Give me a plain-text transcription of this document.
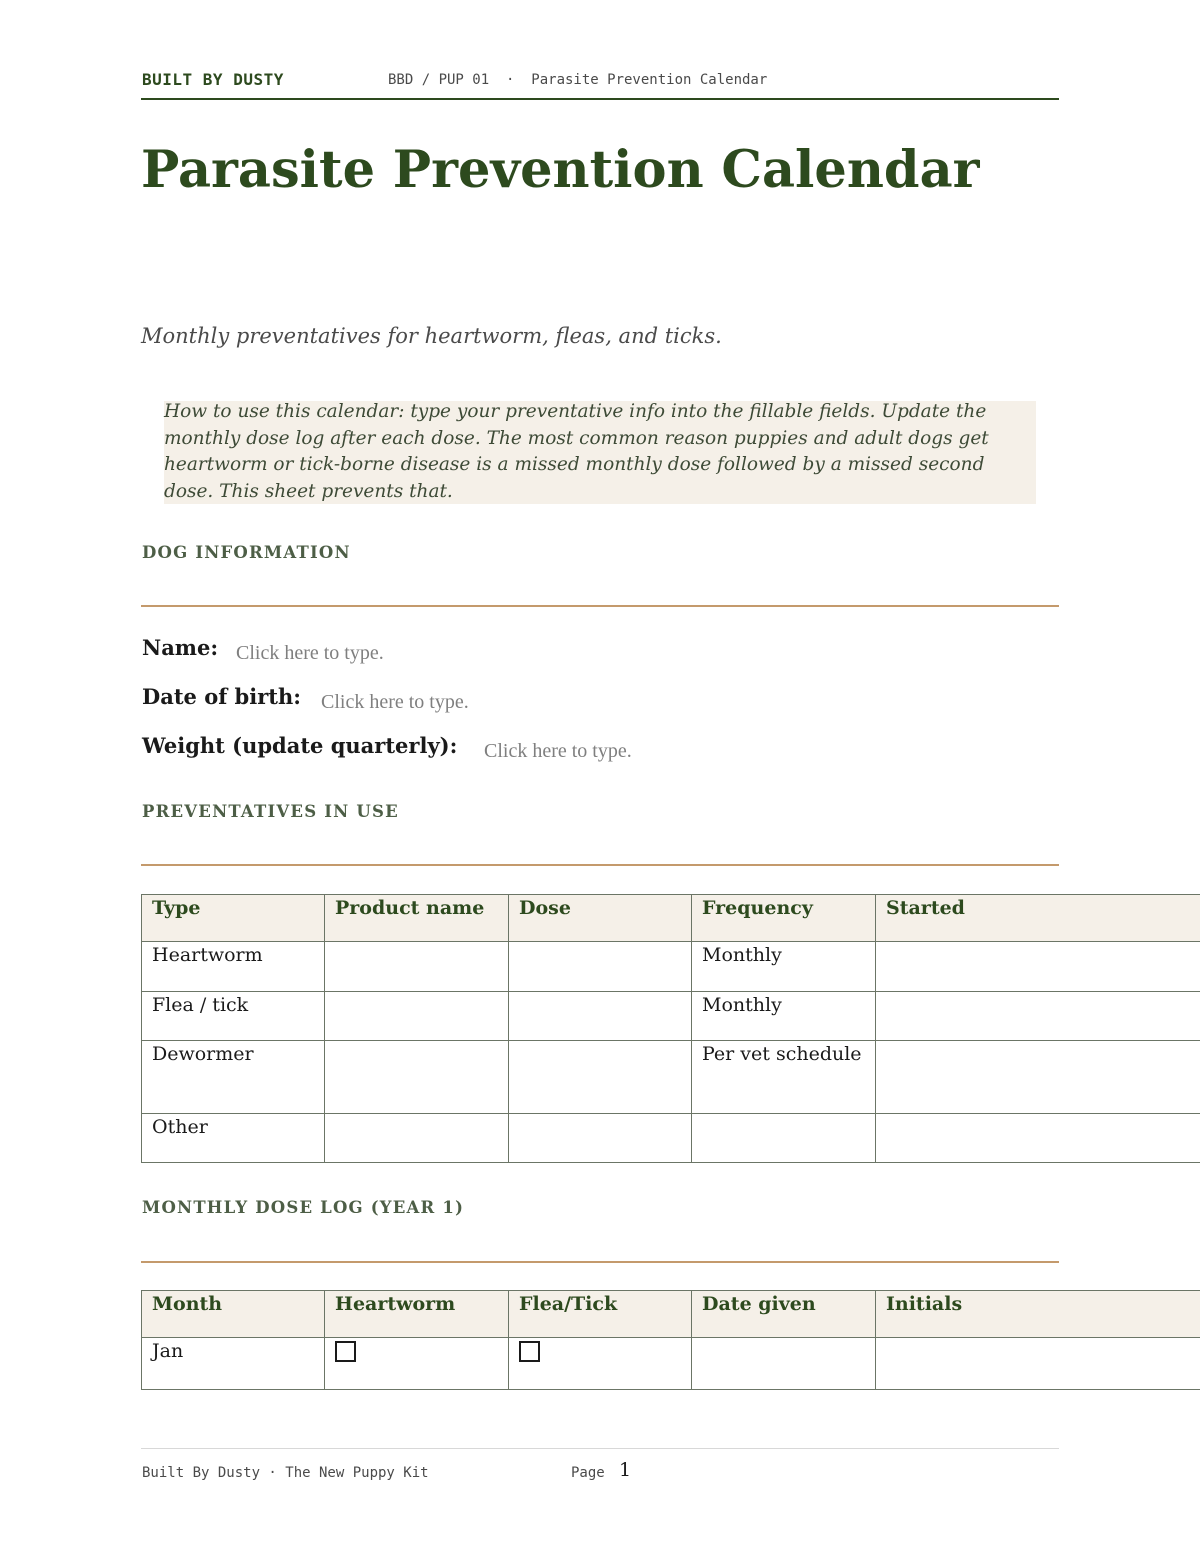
BUILT BY DUSTY	BBD / PUP 01  ·  Parasite Prevention Calendar
Parasite Prevention Calendar
Monthly preventatives for heartworm, fleas, and ticks.
How to use this calendar: type your preventative info into the fillable fields. Update the monthly dose log after each dose. The most common reason puppies and adult dogs get heartworm or tick-borne disease is a missed monthly dose followed by a missed second dose. This sheet prevents that.
DOG INFORMATION
Name:
Click here to type.
Date of birth:
Click here to type.
Weight (update quarterly):
Click here to type.
PREVENTATIVES IN USE
Type	Product name	Dose	Frequency	Started
Heartworm			Monthly	
Flea / tick			Monthly	
Dewormer			Per vet schedule	
Other				
MONTHLY DOSE LOG (YEAR 1)
Month	Heartworm	Flea/Tick	Date given	Initials
Jan				
Built By Dusty · The New Puppy Kit	Page 1
